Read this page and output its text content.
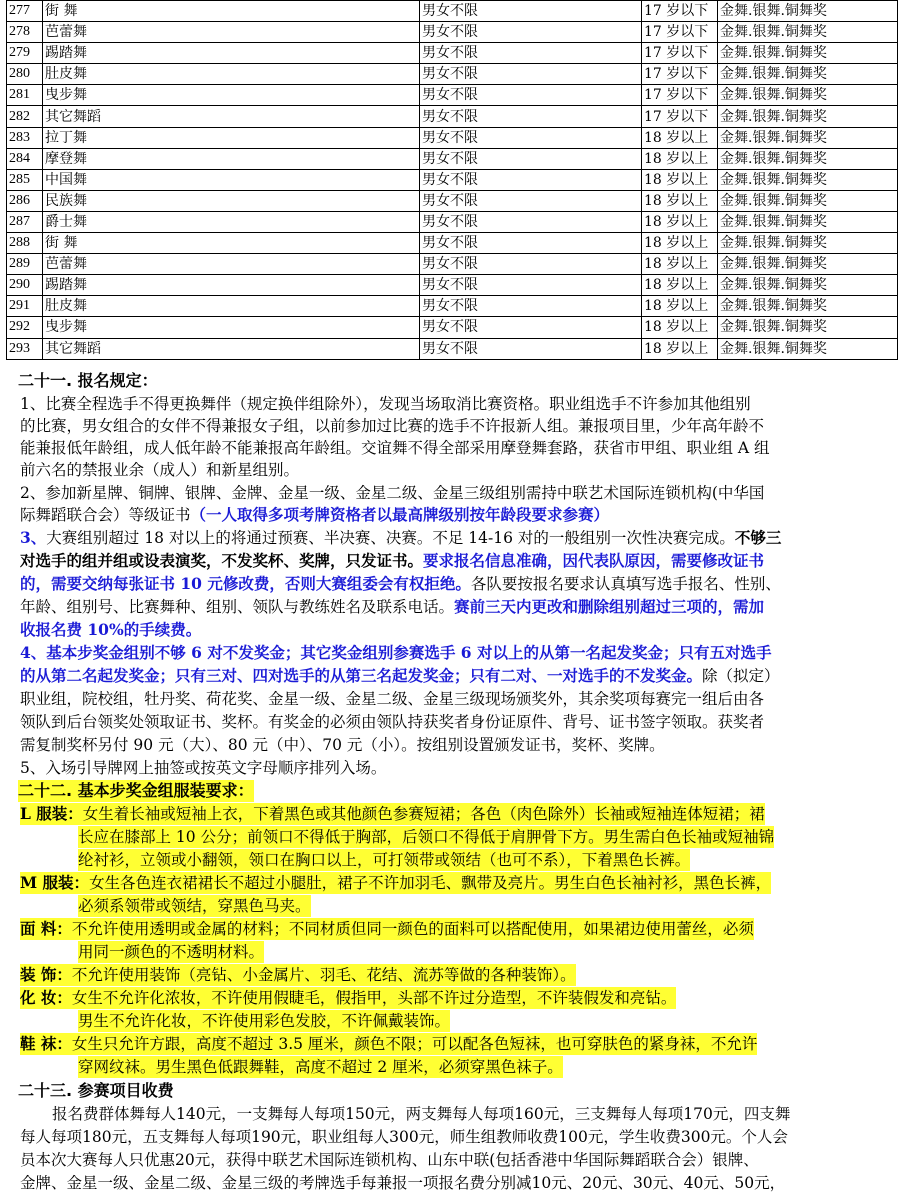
277	街 舞	男女不限	17 岁以下	金舞.银舞.铜舞奖
278	芭蕾舞	男女不限	17 岁以下	金舞.银舞.铜舞奖
279	踢踏舞	男女不限	17 岁以下	金舞.银舞.铜舞奖
280	肚皮舞	男女不限	17 岁以下	金舞.银舞.铜舞奖
281	曳步舞	男女不限	17 岁以下	金舞.银舞.铜舞奖
282	其它舞蹈	男女不限	17 岁以下	金舞.银舞.铜舞奖
283	拉丁舞	男女不限	18 岁以上	金舞.银舞.铜舞奖
284	摩登舞	男女不限	18 岁以上	金舞.银舞.铜舞奖
285	中国舞	男女不限	18 岁以上	金舞.银舞.铜舞奖
286	民族舞	男女不限	18 岁以上	金舞.银舞.铜舞奖
287	爵士舞	男女不限	18 岁以上	金舞.银舞.铜舞奖
288	街 舞	男女不限	18 岁以上	金舞.银舞.铜舞奖
289	芭蕾舞	男女不限	18 岁以上	金舞.银舞.铜舞奖
290	踢踏舞	男女不限	18 岁以上	金舞.银舞.铜舞奖
291	肚皮舞	男女不限	18 岁以上	金舞.银舞.铜舞奖
292	曳步舞	男女不限	18 岁以上	金舞.银舞.铜舞奖
293	其它舞蹈	男女不限	18 岁以上	金舞.银舞.铜舞奖
二十一. 报名规定：
1、比赛全程选手不得更换舞伴（规定换伴组除外），发现当场取消比赛资格。职业组选手不许参加其他组别
的比赛，男女组合的女伴不得兼报女子组，以前参加过比赛的选手不许报新人组。兼报项目里，少年高年龄不
能兼报低年龄组，成人低年龄不能兼报高年龄组。交谊舞不得全部采用摩登舞套路，获省市甲组、职业组 A 组
前六名的禁报业余（成人）和新星组别。
2、参加新星牌、铜牌、银牌、金牌、金星一级、金星二级、金星三级组别需持中联艺术国际连锁机构(中华国
际舞蹈联合会）等级证书（一人取得多项考牌资格者以最高牌级别按年龄段要求参赛）
3、大赛组别超过 18 对以上的将通过预赛、半决赛、决赛。不足 14-16 对的一般组别一次性决赛完成。不够三
对选手的组并组或设表演奖，不发奖杯、奖牌，只发证书。要求报名信息准确，因代表队原因，需要修改证书
的，需要交纳每张证书 10 元修改费，否则大赛组委会有权拒绝。各队要按报名要求认真填写选手报名、性别、
年龄、组别号、比赛舞种、组别、领队与教练姓名及联系电话。赛前三天内更改和删除组别超过三项的，需加
收报名费 10%的手续费。
4、基本步奖金组别不够 6 对不发奖金；其它奖金组别参赛选手 6 对以上的从第一名起发奖金；只有五对选手
的从第二名起发奖金；只有三对、四对选手的从第三名起发奖金；只有二对、一对选手的不发奖金。除（拟定）
职业组，院校组，牡丹奖、荷花奖、金星一级、金星二级、金星三级现场颁奖外，其余奖项每赛完一组后由各
领队到后台领奖处领取证书、奖杯。有奖金的必须由领队持获奖者身份证原件、背号、证书签字领取。获奖者
需复制奖杯另付 90 元（大）、80 元（中）、70 元（小）。按组别设置颁发证书，奖杯、奖牌。
5、入场引导牌网上抽签或按英文字母顺序排列入场。
二十二. 基本步奖金组服装要求：
L 服装：女生着长袖或短袖上衣，下着黑色或其他颜色参赛短裙；各色（肉色除外）长袖或短袖连体短裙；裙
长应在膝部上 10 公分；前领口不得低于胸部，后领口不得低于肩胛骨下方。男生需白色长袖或短袖锦
纶衬衫，立领或小翻领，领口在胸口以上，可打领带或领结（也可不系），下着黑色长裤。
M 服装：女生各色连衣裙裙长不超过小腿肚，裙子不许加羽毛、飘带及亮片。男生白色长袖衬衫，黑色长裤，
必须系领带或领结，穿黑色马夹。
面 料：不允许使用透明或金属的材料；不同材质但同一颜色的面料可以搭配使用，如果裙边使用蕾丝，必须
用同一颜色的不透明材料。
装 饰：不允许使用装饰（亮钻、小金属片、羽毛、花结、流苏等做的各种装饰）。
化 妆：女生不允许化浓妆，不许使用假睫毛，假指甲，头部不许过分造型，不许装假发和亮钻。
男生不允许化妆，不许使用彩色发胶，不许佩戴装饰。
鞋 袜：女生只允许方跟，高度不超过 3.5 厘米，颜色不限；可以配各色短袜，也可穿肤色的紧身袜，不允许
穿网纹袜。男生黑色低跟舞鞋，高度不超过 2 厘米，必须穿黑色袜子。
二十三. 参赛项目收费
报名费群体舞每人140元，一支舞每人每项150元，两支舞每人每项160元，三支舞每人每项170元，四支舞
每人每项180元，五支舞每人每项190元，职业组每人300元，师生组教师收费100元，学生收费300元。个人会
员本次大赛每人只优惠20元，获得中联艺术国际连锁机构、山东中联(包括香港中华国际舞蹈联合会）银牌、
金牌、金星一级、金星二级、金星三级的考牌选手每兼报一项报名费分别减10元、20元、30元、40元、50元，
